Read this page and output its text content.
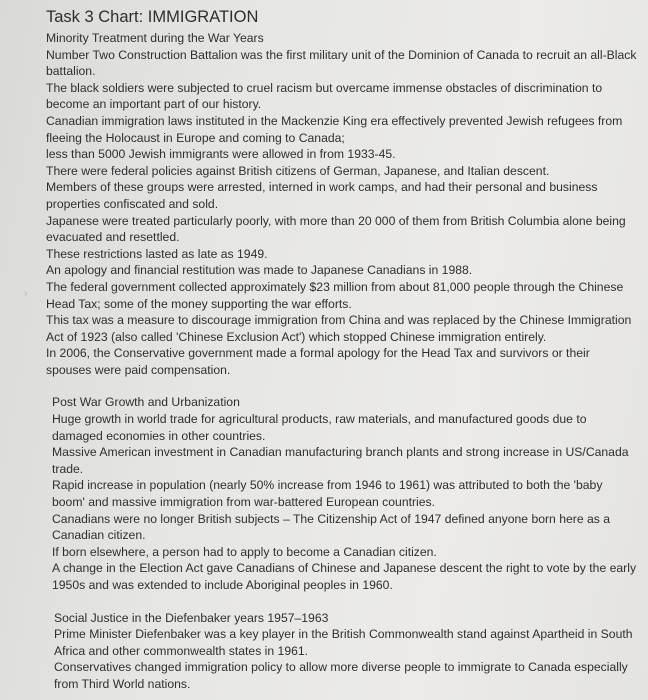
Task 3 Chart: IMMIGRATION

Minority Treatment during the War Years

Number Two Construction Battalion was the first military unit of the Dominion of Canada to recruit an all-Black battalion.

The black soldiers were subjected to cruel racism but overcame immense obstacles of discrimination to become an important part of our history.

Canadian immigration laws instituted in the Mackenzie King era effectively prevented Jewish refugees from fleeing the Holocaust in Europe and coming to Canada;

less than 5000 Jewish immigrants were allowed in from 1933-45.

There were federal policies against British citizens of German, Japanese, and Italian descent.

Members of these groups were arrested, interned in work camps, and had their personal and business properties confiscated and sold.

Japanese were treated particularly poorly, with more than 20 000 of them from British Columbia alone being evacuated and resettled.

These restrictions lasted as late as 1949.

An apology and financial restitution was made to Japanese Canadians in 1988.

The federal government collected approximately $23 million from about 81,000 people through the Chinese Head Tax; some of the money supporting the war efforts.

This tax was a measure to discourage immigration from China and was replaced by the Chinese Immigration Act of 1923 (also called 'Chinese Exclusion Act') which stopped Chinese immigration entirely.

In 2006, the Conservative government made a formal apology for the Head Tax and survivors or their spouses were paid compensation.

Post War Growth and Urbanization

Huge growth in world trade for agricultural products, raw materials, and manufactured goods due to damaged economies in other countries.

Massive American investment in Canadian manufacturing branch plants and strong increase in US/Canada trade.

Rapid increase in population (nearly 50% increase from 1946 to 1961) was attributed to both the 'baby boom' and massive immigration from war-battered European countries.

Canadians were no longer British subjects – The Citizenship Act of 1947 defined anyone born here as a Canadian citizen.

If born elsewhere, a person had to apply to become a Canadian citizen.

A change in the Election Act gave Canadians of Chinese and Japanese descent the right to vote by the early 1950s and was extended to include Aboriginal peoples in 1960.

Social Justice in the Diefenbaker years 1957–1963

Prime Minister Diefenbaker was a key player in the British Commonwealth stand against Apartheid in South Africa and other commonwealth states in 1961.

Conservatives changed immigration policy to allow more diverse people to immigrate to Canada especially from Third World nations.

›
